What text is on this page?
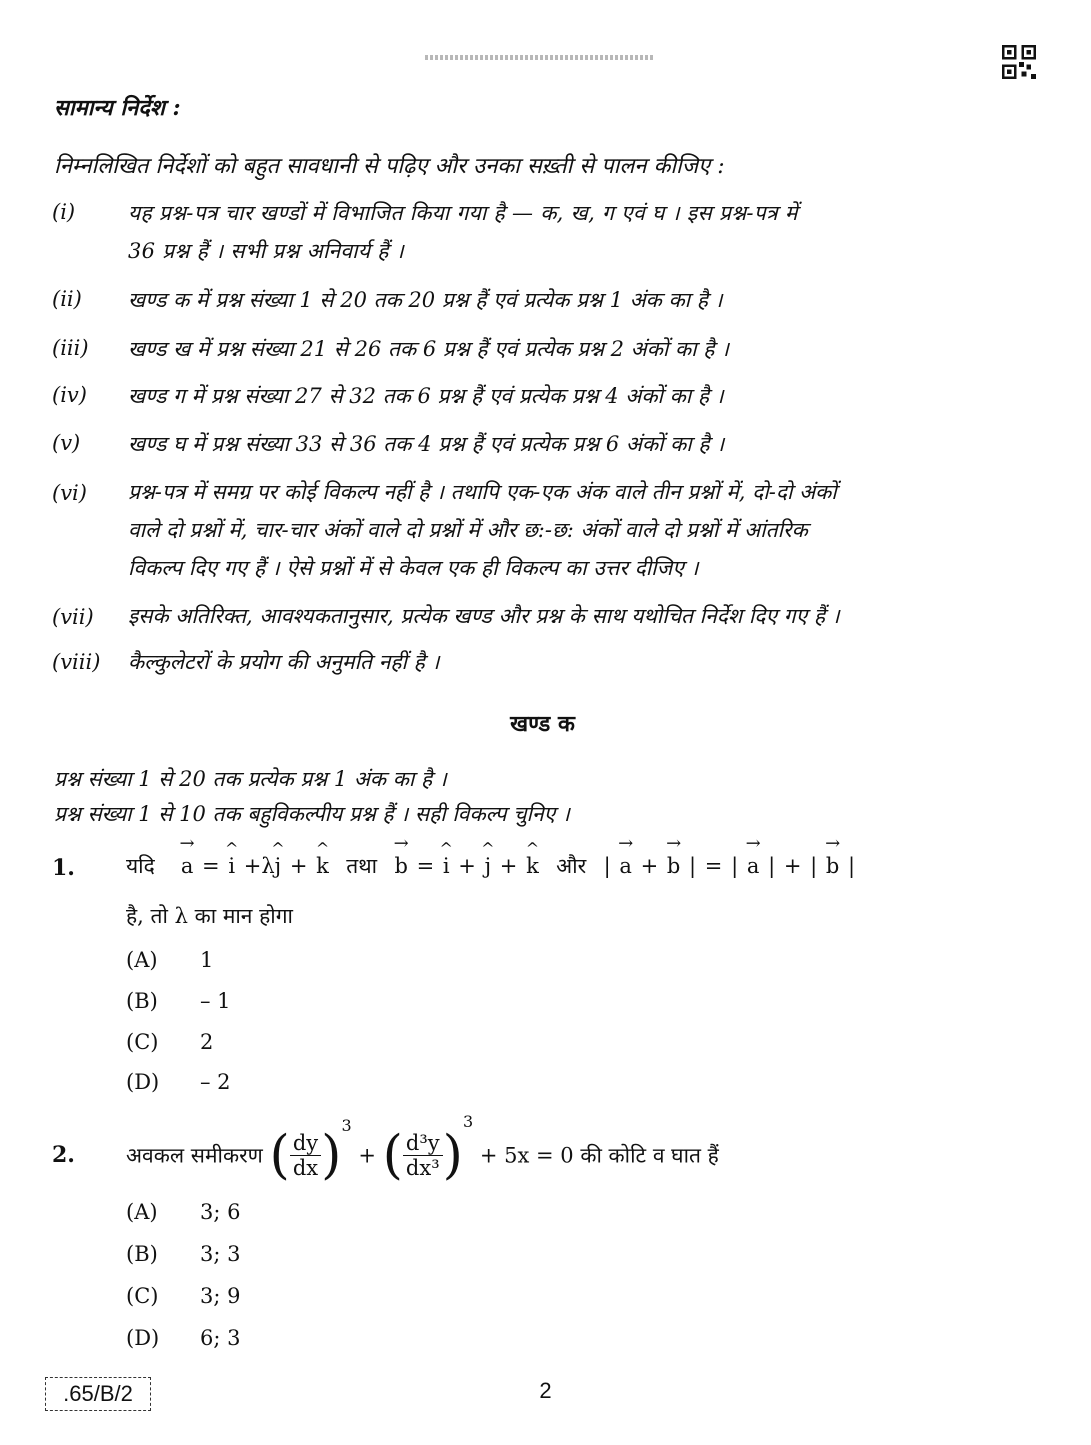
सामान्य निर्देश :
निम्नलिखित निर्देशों को बहुत सावधानी से पढ़िए और उनका सख़्ती से पालन कीजिए :
(i)	यह प्रश्न-पत्र चार खण्डों में विभाजित किया गया है — क, ख, ग एवं घ । इस प्रश्न-पत्र में
36 प्रश्न हैं । सभी प्रश्न अनिवार्य हैं ।
(ii) खण्ड क में प्रश्न संख्या 1 से 20 तक 20 प्रश्न हैं एवं प्रत्येक प्रश्न 1 अंक का है ।
(iii) खण्ड ख में प्रश्न संख्या 21 से 26 तक 6 प्रश्न हैं एवं प्रत्येक प्रश्न 2 अंकों का है ।
(iv) खण्ड ग में प्रश्न संख्या 27 से 32 तक 6 प्रश्न हैं एवं प्रत्येक प्रश्न 4 अंकों का है ।
(v) खण्ड घ में प्रश्न संख्या 33 से 36 तक 4 प्रश्न हैं एवं प्रत्येक प्रश्न 6 अंकों का है ।
(vi) प्रश्न-पत्र में समग्र पर कोई विकल्प नहीं है । तथापि एक-एक अंक वाले तीन प्रश्नों में, दो-दो अंकों
वाले दो प्रश्नों में, चार-चार अंकों वाले दो प्रश्नों में और छ:-छ: अंकों वाले दो प्रश्नों में आंतरिक
विकल्प दिए गए हैं । ऐसे प्रश्नों में से केवल एक ही विकल्प का उत्तर दीजिए ।
(vii) इसके अतिरिक्त, आवश्यकतानुसार, प्रत्येक खण्ड और प्रश्न के साथ यथोचित निर्देश दिए गए हैं ।
(viii) कैल्कुलेटरों के प्रयोग की अनुमति नहीं है ।
खण्ड क
प्रश्न संख्या 1 से 20 तक प्रत्येक प्रश्न 1 अंक का है ।
प्रश्न संख्या 1 से 10 तक बहुविकल्पीय प्रश्न हैं । सही विकल्प चुनिए ।
1. यदि → a = ^ i +λ^ j + ^ k तथा → b = ^ i + ^ j + ^ k और | → a + → b | = | → a | + | → b |
है, तो λ का मान होगा
(A) 1
(B) – 1
(C) 2
(D) – 2
2. अवकल समीकरण ( $\frac{dy}{dx} )^3$ + ( $\frac{\text{d³y}}{\text{dx³}} )^3 + 5x = 0$ की कोटि व घात हैं
(A) 3; 6
(B) 3; 3
(C) 3; 9
(D) 6; 3
.65/B/2	2
